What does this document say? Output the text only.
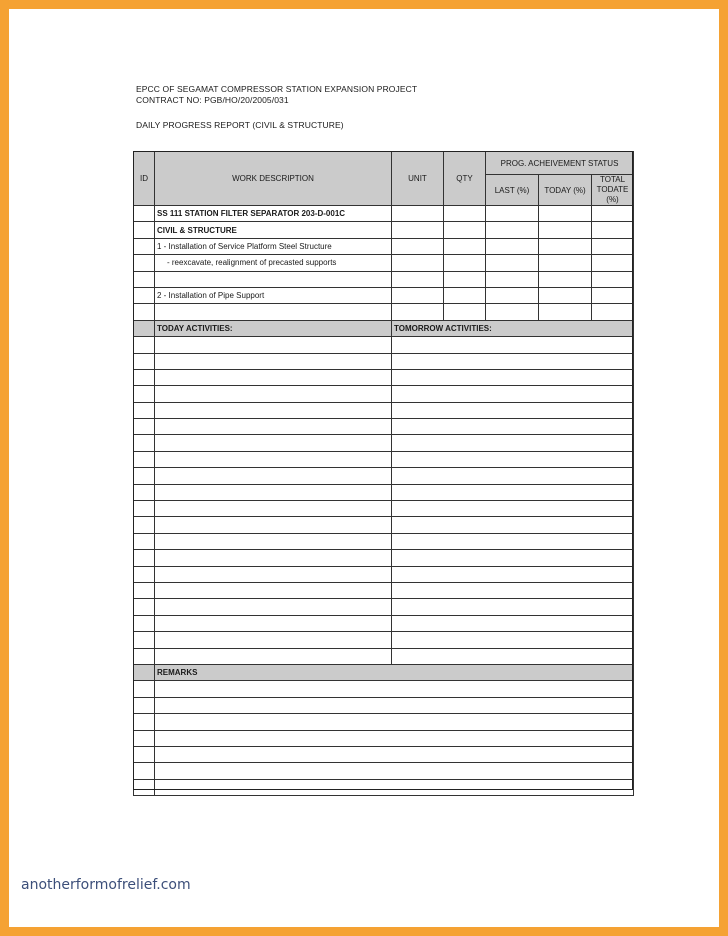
EPCC OF SEGAMAT COMPRESSOR STATION EXPANSION PROJECT
CONTRACT NO: PGB/HO/20/2005/031
DAILY PROGRESS REPORT (CIVIL & STRUCTURE)
ID	WORK DESCRIPTION	UNIT	QTY	PROG. ACHEIVEMENT STATUS		
				LAST (%)	TODAY (%)	TOTAL TODATE (%)
	SS 111 STATION FILTER SEPARATOR 203-D-001C					
	CIVIL & STRUCTURE					
	1 - Installation of Service Platform Steel Structure					
	- reexcavate, realignment of precasted supports					

	2 - Installation of Pipe Support					

	TODAY ACTIVITIES:	TOMORROW ACTIVITIES:				

	REMARKS					

anotherformofrelief.com
